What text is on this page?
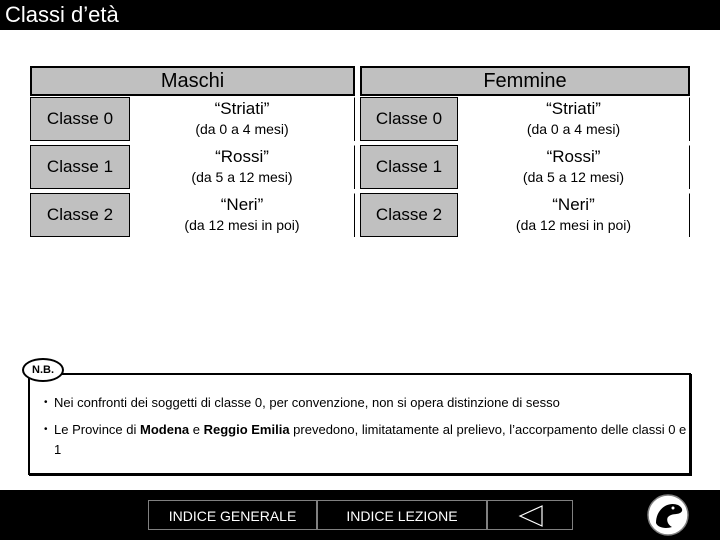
Classi d’età
Maschi	Femmine
Classe 0
“Striati”
(da 0 a 4 mesi)
Classe 1
“Rossi”
(da 5 a 12 mesi)
Classe 2
“Neri”
(da 12 mesi in poi)
Classe 0
“Striati”
(da 0 a 4 mesi)
Classe 1
“Rossi”
(da 5 a 12 mesi)
Classe 2
“Neri”
(da 12 mesi in poi)
N.B.
• Nei confronti dei soggetti di classe 0, per convenzione, non si opera distinzione di sesso
• Le Province di Modena e Reggio Emilia prevedono, limitatamente al prelievo, l’accorpamento delle classi 0 e 1
INDICE GENERALE	INDICE LEZIONE
